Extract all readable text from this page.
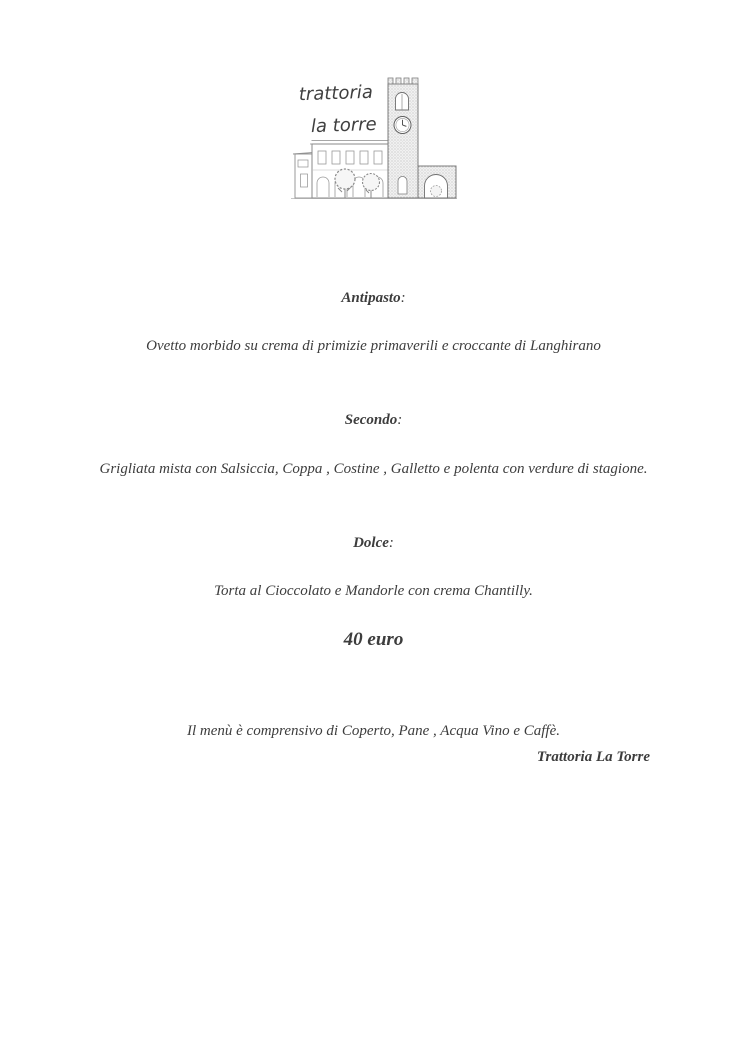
trattoria
la torre
Antipasto:
Ovetto morbido su crema di primizie primaverili e croccante di Langhirano
Secondo:
Grigliata mista con Salsiccia, Coppa , Costine , Galletto e polenta con verdure di stagione.
Dolce:
Torta al Cioccolato e Mandorle con crema Chantilly.
40 euro
Il menù è comprensivo di Coperto, Pane , Acqua Vino e Caffè.
Trattoria La Torre
